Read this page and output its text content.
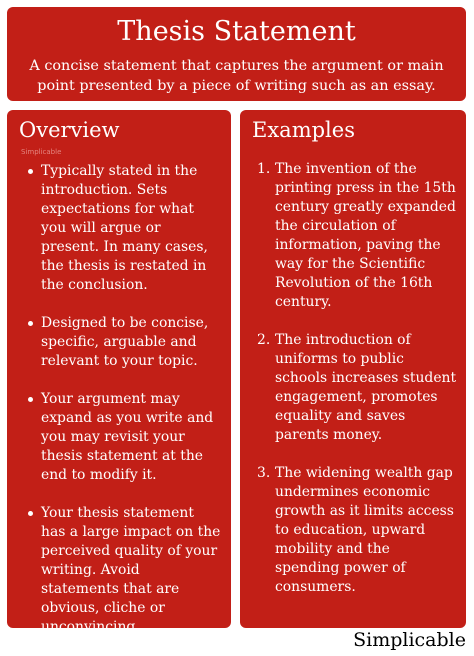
Thesis Statement

A concise statement that captures the argument or main point presented by a piece of writing such as an essay.

Overview
Simplicable
Typically stated in the introduction. Sets expectations for what you will argue or present. In many cases, the thesis is restated in the conclusion.
Designed to be concise, specific, arguable and relevant to your topic.
Your argument may expand as you write and you may revisit your thesis statement at the end to modify it.
Your thesis statement has a large impact on the perceived quality of your writing. Avoid statements that are obvious, cliche or unconvincing.
Examples
1. The invention of the printing press in the 15th century greatly expanded the circulation of information, paving the way for the Scientific Revolution of the 16th century.
2. The introduction of uniforms to public schools increases student engagement, promotes equality and saves parents money.
3. The widening wealth gap undermines economic growth as it limits access to education, upward mobility and the spending power of consumers.
Simplicable
